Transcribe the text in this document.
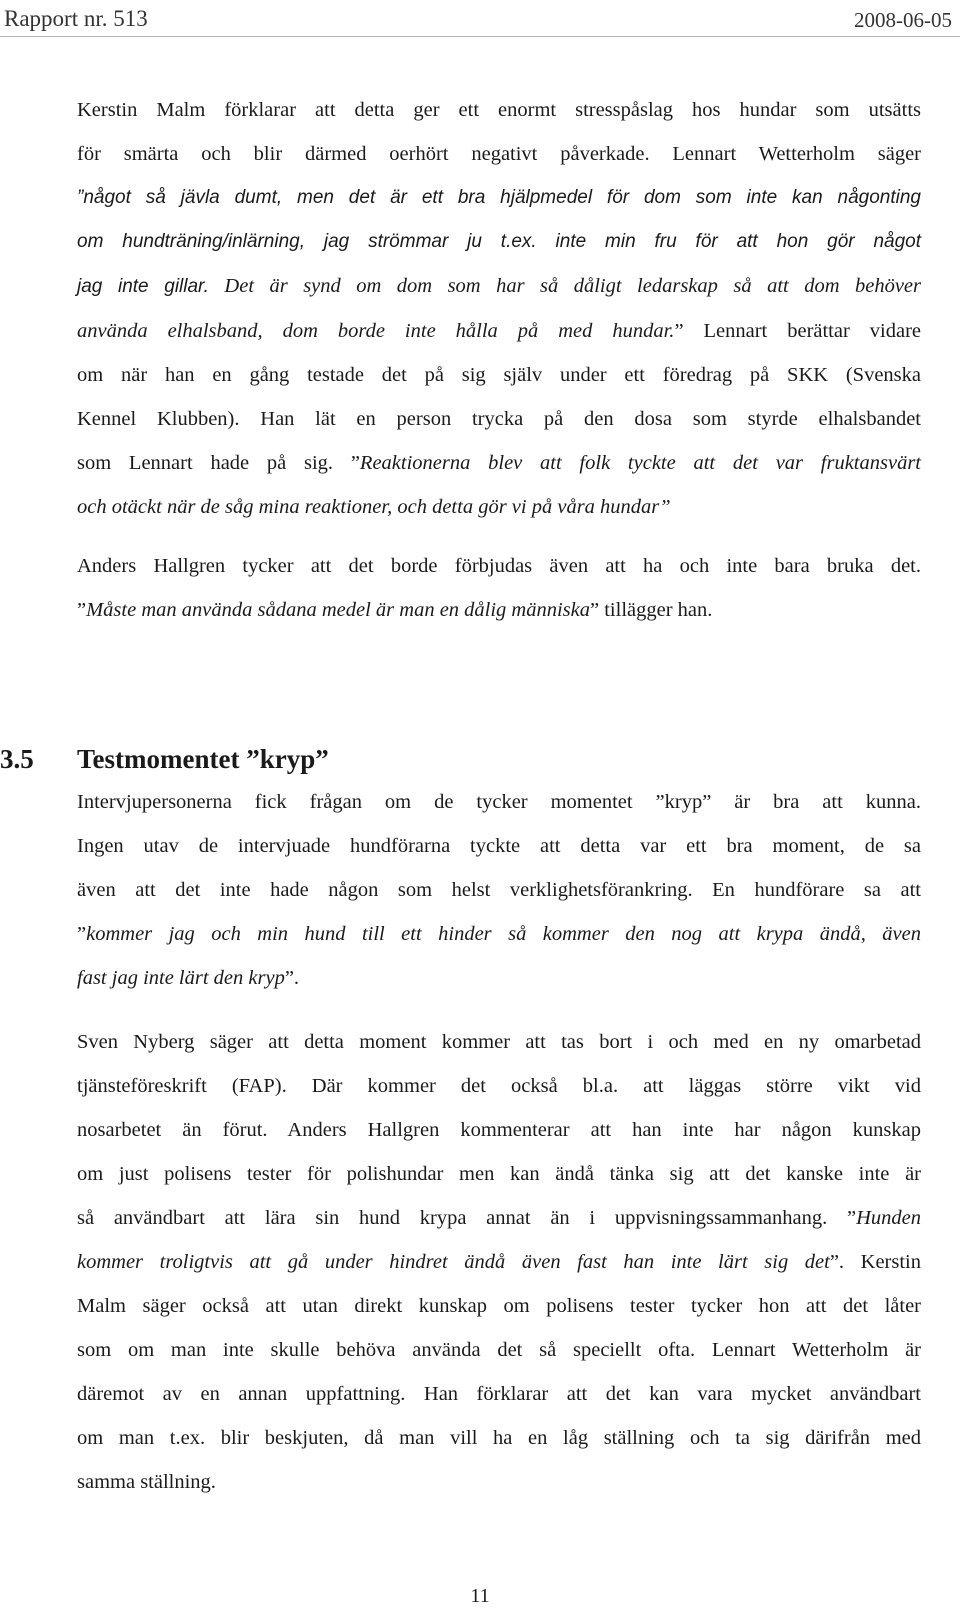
Rapport nr. 513	2008-06-05
Kerstin Malm förklarar att detta ger ett enormt stresspåslag hos hundar som utsätts
för smärta och blir därmed oerhört negativt påverkade. Lennart Wetterholm säger
”något så jävla dumt, men det är ett bra hjälpmedel för dom som inte kan någonting
om hundträning/inlärning, jag strömmar ju t.ex. inte min fru för att hon gör något
jag inte gillar. Det är synd om dom som har så dåligt ledarskap så att dom behöver
använda elhalsband, dom borde inte hålla på med hundar.” Lennart berättar vidare
om när han en gång testade det på sig själv under ett föredrag på SKK (Svenska
Kennel Klubben). Han lät en person trycka på den dosa som styrde elhalsbandet
som Lennart hade på sig. ”Reaktionerna blev att folk tyckte att det var fruktansvärt
och otäckt när de såg mina reaktioner, och detta gör vi på våra hundar”
Anders Hallgren tycker att det borde förbjudas även att ha och inte bara bruka det.
”Måste man använda sådana medel är man en dålig människa” tillägger han.
3.5	Testmomentet ”kryp”
Intervjupersonerna fick frågan om de tycker momentet ”kryp” är bra att kunna.
Ingen utav de intervjuade hundförarna tyckte att detta var ett bra moment, de sa
även att det inte hade någon som helst verklighetsförankring. En hundförare sa att
”kommer jag och min hund till ett hinder så kommer den nog att krypa ändå, även
fast jag inte lärt den kryp”.
Sven Nyberg säger att detta moment kommer att tas bort i och med en ny omarbetad
tjänsteföreskrift (FAP). Där kommer det också bl.a. att läggas större vikt vid
nosarbetet än förut. Anders Hallgren kommenterar att han inte har någon kunskap
om just polisens tester för polishundar men kan ändå tänka sig att det kanske inte är
så användbart att lära sin hund krypa annat än i uppvisningssammanhang. ”Hunden
kommer troligtvis att gå under hindret ändå även fast han inte lärt sig det”. Kerstin
Malm säger också att utan direkt kunskap om polisens tester tycker hon att det låter
som om man inte skulle behöva använda det så speciellt ofta. Lennart Wetterholm är
däremot av en annan uppfattning. Han förklarar att det kan vara mycket användbart
om man t.ex. blir beskjuten, då man vill ha en låg ställning och ta sig därifrån med
samma ställning.
11
